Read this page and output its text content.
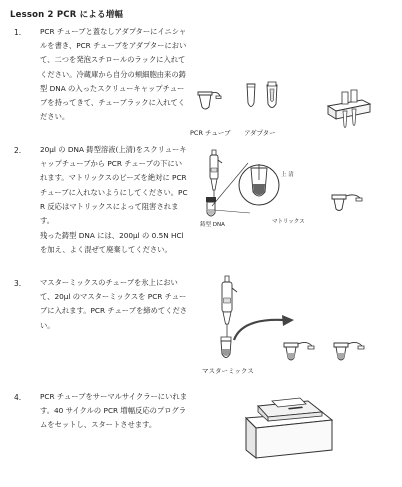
Lesson 2 PCR による増幅
1.	PCR チューブと蓋なしアダプターにイニシャルを書き、PCR チューブをアダプターにおいて、二つを発泡スチロールのラックに入れてください。冷蔵庫から自分の頬細胞由来の鋳型 DNA の入ったスクリューキャップチューブを持ってきて、チューブラックに入れてください。
2.	20μl の DNA 鋳型溶液(上清)をスクリューキャップチューブから PCR チューブの下にいれます。マトリックスのビーズを絶対に PCR チューブに入れないようにしてください。PCR 反応はマトリックスによって阻害されます。
残った鋳型 DNA には、200μl の 0.5N HCl を加え、よく混ぜて廃棄してください。
3.	マスターミックスのチューブを氷上において、20μl のマスターミックスを PCR チューブに入れます。PCR チューブを締めてください。
4.	PCR チューブをサーマルサイクラーにいれます。40 サイクルの PCR 増幅反応のプログラムをセットし、スタートさせます。
PCR チューブ アダプター
上 清
鋳型 DNA	マトリックス
マスターミックス
